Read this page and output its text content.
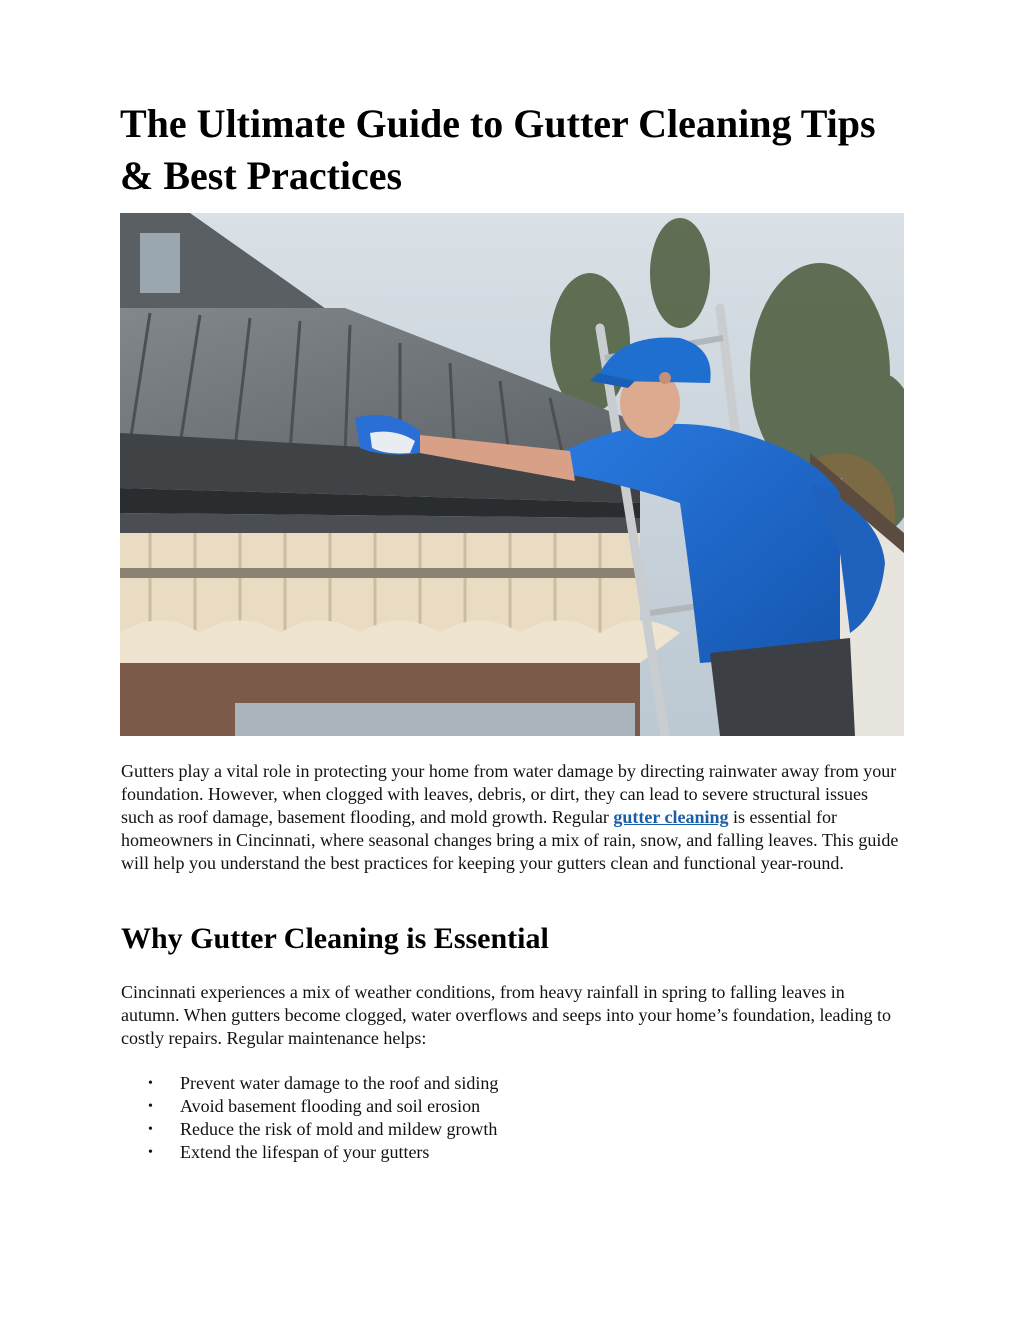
The Ultimate Guide to Gutter Cleaning Tips & Best Practices

Gutters play a vital role in protecting your home from water damage by directing rainwater away from your foundation. However, when clogged with leaves, debris, or dirt, they can lead to severe structural issues such as roof damage, basement flooding, and mold growth. Regular gutter cleaning is essential for homeowners in Cincinnati, where seasonal changes bring a mix of rain, snow, and falling leaves. This guide will help you understand the best practices for keeping your gutters clean and functional year-round.

Why Gutter Cleaning is Essential

Cincinnati experiences a mix of weather conditions, from heavy rainfall in spring to falling leaves in autumn. When gutters become clogged, water overflows and seeps into your home’s foundation, leading to costly repairs. Regular maintenance helps:

• Prevent water damage to the roof and siding
• Avoid basement flooding and soil erosion
• Reduce the risk of mold and mildew growth
• Extend the lifespan of your gutters
